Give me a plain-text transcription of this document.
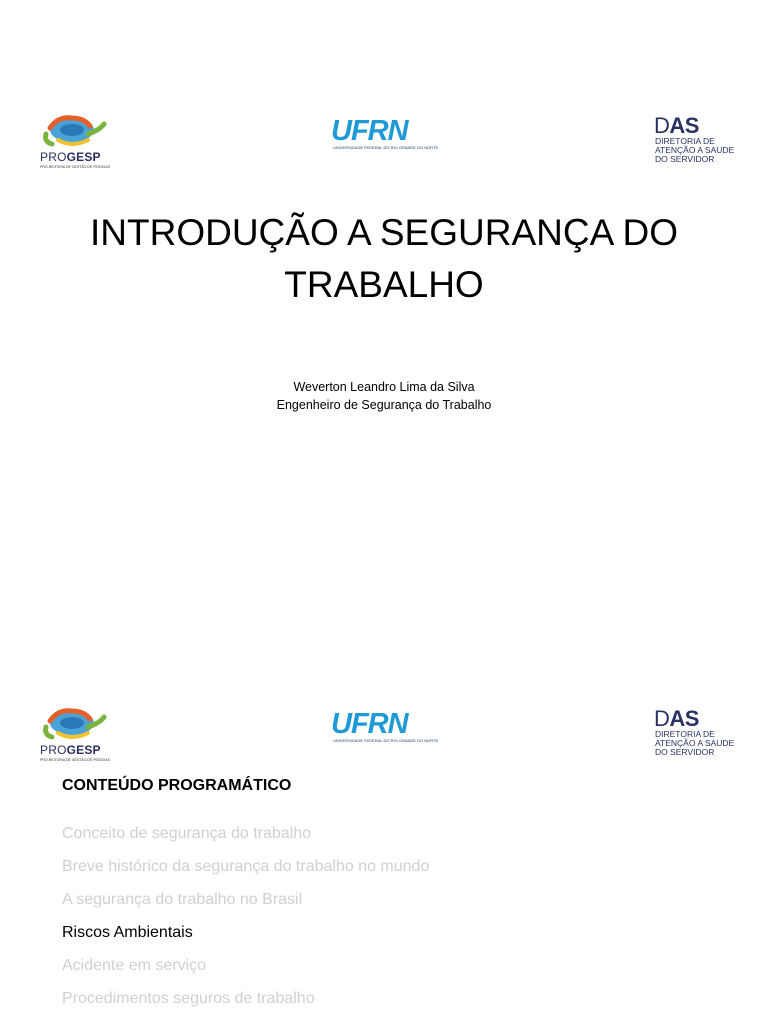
PROGESP
PRÓ-REITORIA DE GESTÃO DE PESSOAS
UFRN
UNIVERSIDADE FEDERAL DO RIO GRANDE DO NORTE
DAS
DIRETORIA DE
ATENÇÃO A SAUDE
DO SERVIDOR
INTRODUÇÃO A SEGURANÇA DO
TRABALHO
Weverton Leandro Lima da Silva
Engenheiro de Segurança do Trabalho
PROGESP
PRÓ-REITORIA DE GESTÃO DE PESSOAS
UFRN
UNIVERSIDADE FEDERAL DO RIO GRANDE DO NORTE
DAS
DIRETORIA DE
ATENÇÃO A SAUDE
DO SERVIDOR
CONTEÚDO PROGRAMÁTICO
Conceito de segurança do trabalho
Breve histórico da segurança do trabalho no mundo
A segurança do trabalho no Brasil
Riscos Ambientais
Acidente em serviço
Procedimentos seguros de trabalho
